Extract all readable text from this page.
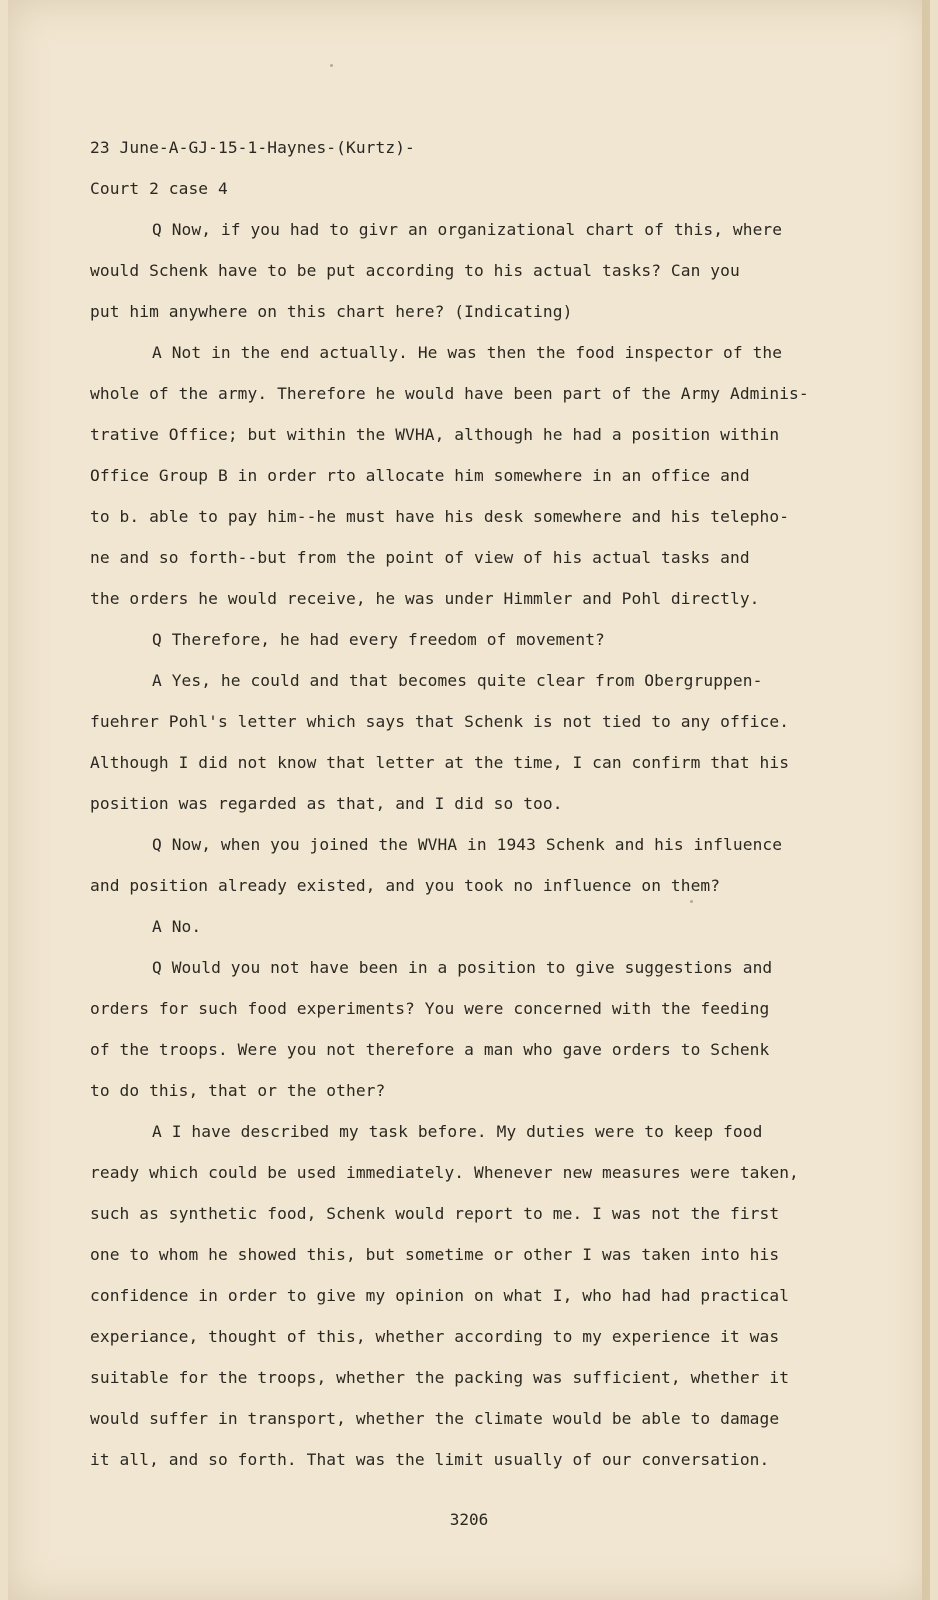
23 June-A-GJ-15-1-Haynes-(Kurtz)-
Court 2 case 4
Q Now, if you had to givr an organizational chart of this, where
would Schenk have to be put according to his actual tasks? Can you
put him anywhere on this chart here? (Indicating)
A Not in the end actually. He was then the food inspector of the
whole of the army. Therefore he would have been part of the Army Adminis-
trative Office; but within the WVHA, although he had a position within
Office Group B in order rto allocate him somewhere in an office and
to b. able to pay him--he must have his desk somewhere and his telepho-
ne and so forth--but from the point of view of his actual tasks and
the orders he would receive, he was under Himmler and Pohl directly.
Q Therefore, he had every freedom of movement?
A Yes, he could and that becomes quite clear from Obergruppen-
fuehrer Pohl's letter which says that Schenk is not tied to any office.
Although I did not know that letter at the time, I can confirm that his
position was regarded as that, and I did so too.
Q Now, when you joined the WVHA in 1943 Schenk and his influence
and position already existed, and you took no influence on them?
A No.
Q Would you not have been in a position to give suggestions and
orders for such food experiments? You were concerned with the feeding
of the troops. Were you not therefore a man who gave orders to Schenk
to do this, that or the other?
A I have described my task before. My duties were to keep food
ready which could be used immediately. Whenever new measures were taken,
such as synthetic food, Schenk would report to me. I was not the first
one to whom he showed this, but sometime or other I was taken into his
confidence in order to give my opinion on what I, who had had practical
experiance, thought of this, whether according to my experience it was
suitable for the troops, whether the packing was sufficient, whether it
would suffer in transport, whether the climate would be able to damage
it all, and so forth. That was the limit usually of our conversation.
3206
